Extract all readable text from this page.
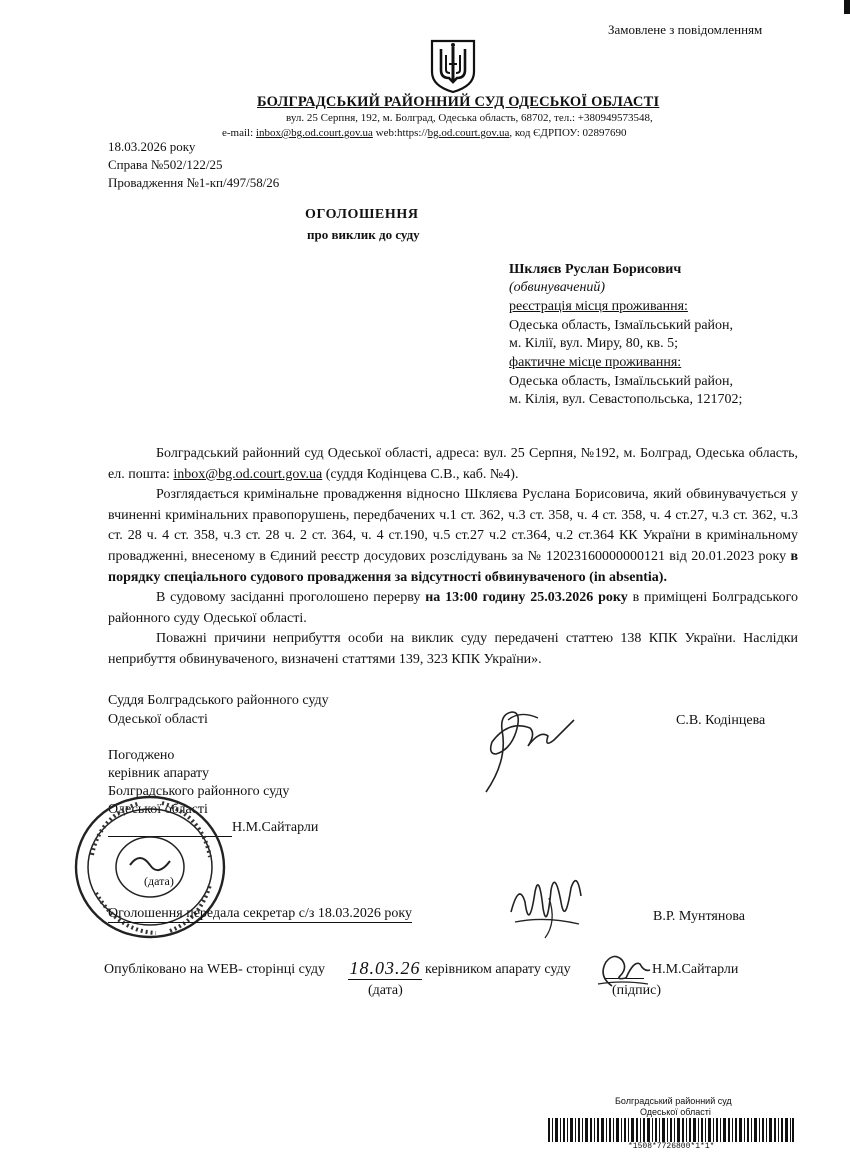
Замовлене з повідомленням
БОЛГРАДСЬКИЙ РАЙОННИЙ СУД ОДЕСЬКОЇ ОБЛАСТІ
вул. 25 Серпня, 192, м. Болград, Одеська область, 68702, тел.: +380949573548,
e-mail: inbox@bg.od.court.gov.ua web:https://bg.od.court.gov.ua, код ЄДРПОУ: 02897690
18.03.2026 року
Справа №502/122/25
Провадження №1-кп/497/58/26
ОГОЛОШЕННЯ
про виклик до суду
Шкляєв Руслан Борисович
(обвинувачений)
реєстрація місця проживання:
Одеська область, Ізмаїльський район,
м. Кілії, вул. Миру, 80, кв. 5;
фактичне місце проживання:
Одеська область, Ізмаїльський район,
м. Кілія, вул. Севастопольська, 121702;

Болградський районний суд Одеської області, адреса: вул. 25 Серпня, №192, м. Болград, Одеська область, ел. пошта: inbox@bg.od.court.gov.ua (суддя Кодінцева С.В., каб. №4).

Розглядається кримінальне провадження відносно Шкляєва Руслана Борисовича, який обвинувачується у вчиненні кримінальних правопорушень, передбачених ч.1 ст. 362, ч.3 ст. 358, ч. 4 ст. 358, ч. 4 ст.27, ч.3 ст. 362, ч.3 ст. 28 ч. 4 ст. 358, ч.3 ст. 28 ч. 2 ст. 364, ч. 4 ст.190, ч.5 ст.27 ч.2 ст.364, ч.2 ст.364 КК України в кримінальному провадженні, внесеному в Єдиний реєстр досудових розслідувань за № 12023160000000121 від 20.01.2023 року в порядку спеціального судового провадження за відсутності обвинуваченого (in absentia).

В судовому засіданні проголошено перерву на 13:00 годину 25.03.2026 року в приміщені Болградського районного суду Одеської області.

Поважні причини неприбуття особи на виклик суду передачені статтею 138 КПК України. Наслідки неприбуття обвинуваченого, визначені статтями 139, 323 КПК України».

Суддя Болградського районного суду
Одеської області	С.В. Кодінцева
Погоджено
керівник апарату
Болградського районного суду
Одеської області
Н.М.Сайтарли
(дата)
Оголошення передала секретар с/з 18.03.2026 року	В.Р. Мунтянова
Опубліковано на WEB- сторінці суду 18.03.26 керівником апарату суду	Н.М.Сайтарли
(дата)	(підпис)
Болградський районний суд
Одеської області
*1508*7726800*1*1*
